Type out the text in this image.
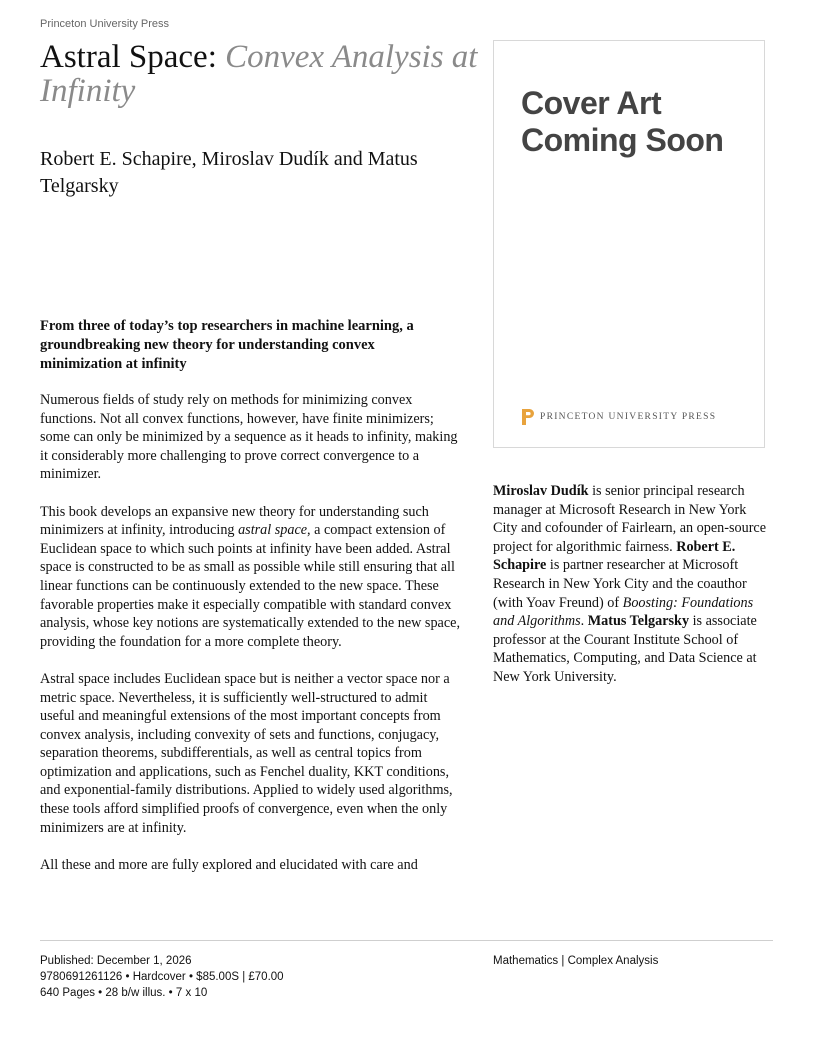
Princeton University Press
Astral Space: Convex Analysis at Infinity
Robert E. Schapire, Miroslav Dudík and Matus Telgarsky
From three of today’s top researchers in machine learning, a groundbreaking new theory for understanding convex minimization at infinity

Numerous fields of study rely on methods for minimizing convex functions. Not all convex functions, however, have finite minimizers; some can only be minimized by a sequence as it heads to infinity, making it considerably more challenging to prove correct convergence to a minimizer.

This book develops an expansive new theory for understanding such minimizers at infinity, introducing astral space, a compact extension of Euclidean space to which such points at infinity have been added. Astral space is constructed to be as small as possible while still ensuring that all linear functions can be continuously extended to the new space. These favorable properties make it especially compatible with standard convex analysis, whose key notions are systematically extended to the new space, providing the foundation for a more complete theory.

Astral space includes Euclidean space but is neither a vector space nor a metric space. Nevertheless, it is sufficiently well-structured to admit useful and meaningful extensions of the most important concepts from convex analysis, including convexity of sets and functions, conjugacy, separation theorems, subdifferentials, as well as central topics from optimization and applications, such as Fenchel duality, KKT conditions, and exponential-family distributions. Applied to widely used algorithms, these tools afford simplified proofs of convergence, even when the only minimizers are at infinity.

All these and more are fully explored and elucidated with care and

Cover Art Coming Soon
PRINCETON UNIVERSITY PRESS
Miroslav Dudík is senior principal research manager at Microsoft Research in New York City and cofounder of Fairlearn, an open-source project for algorithmic fairness. Robert E. Schapire is partner researcher at Microsoft Research in New York City and the coauthor (with Yoav Freund) of Boosting: Foundations and Algorithms. Matus Telgarsky is associate professor at the Courant Institute School of Mathematics, Computing, and Data Science at New York University.
Published: December 1, 2026
9780691261126 • Hardcover • $85.00S | £70.00
640 Pages • 28 b/w illus. • 7 x 10
Mathematics | Complex Analysis
